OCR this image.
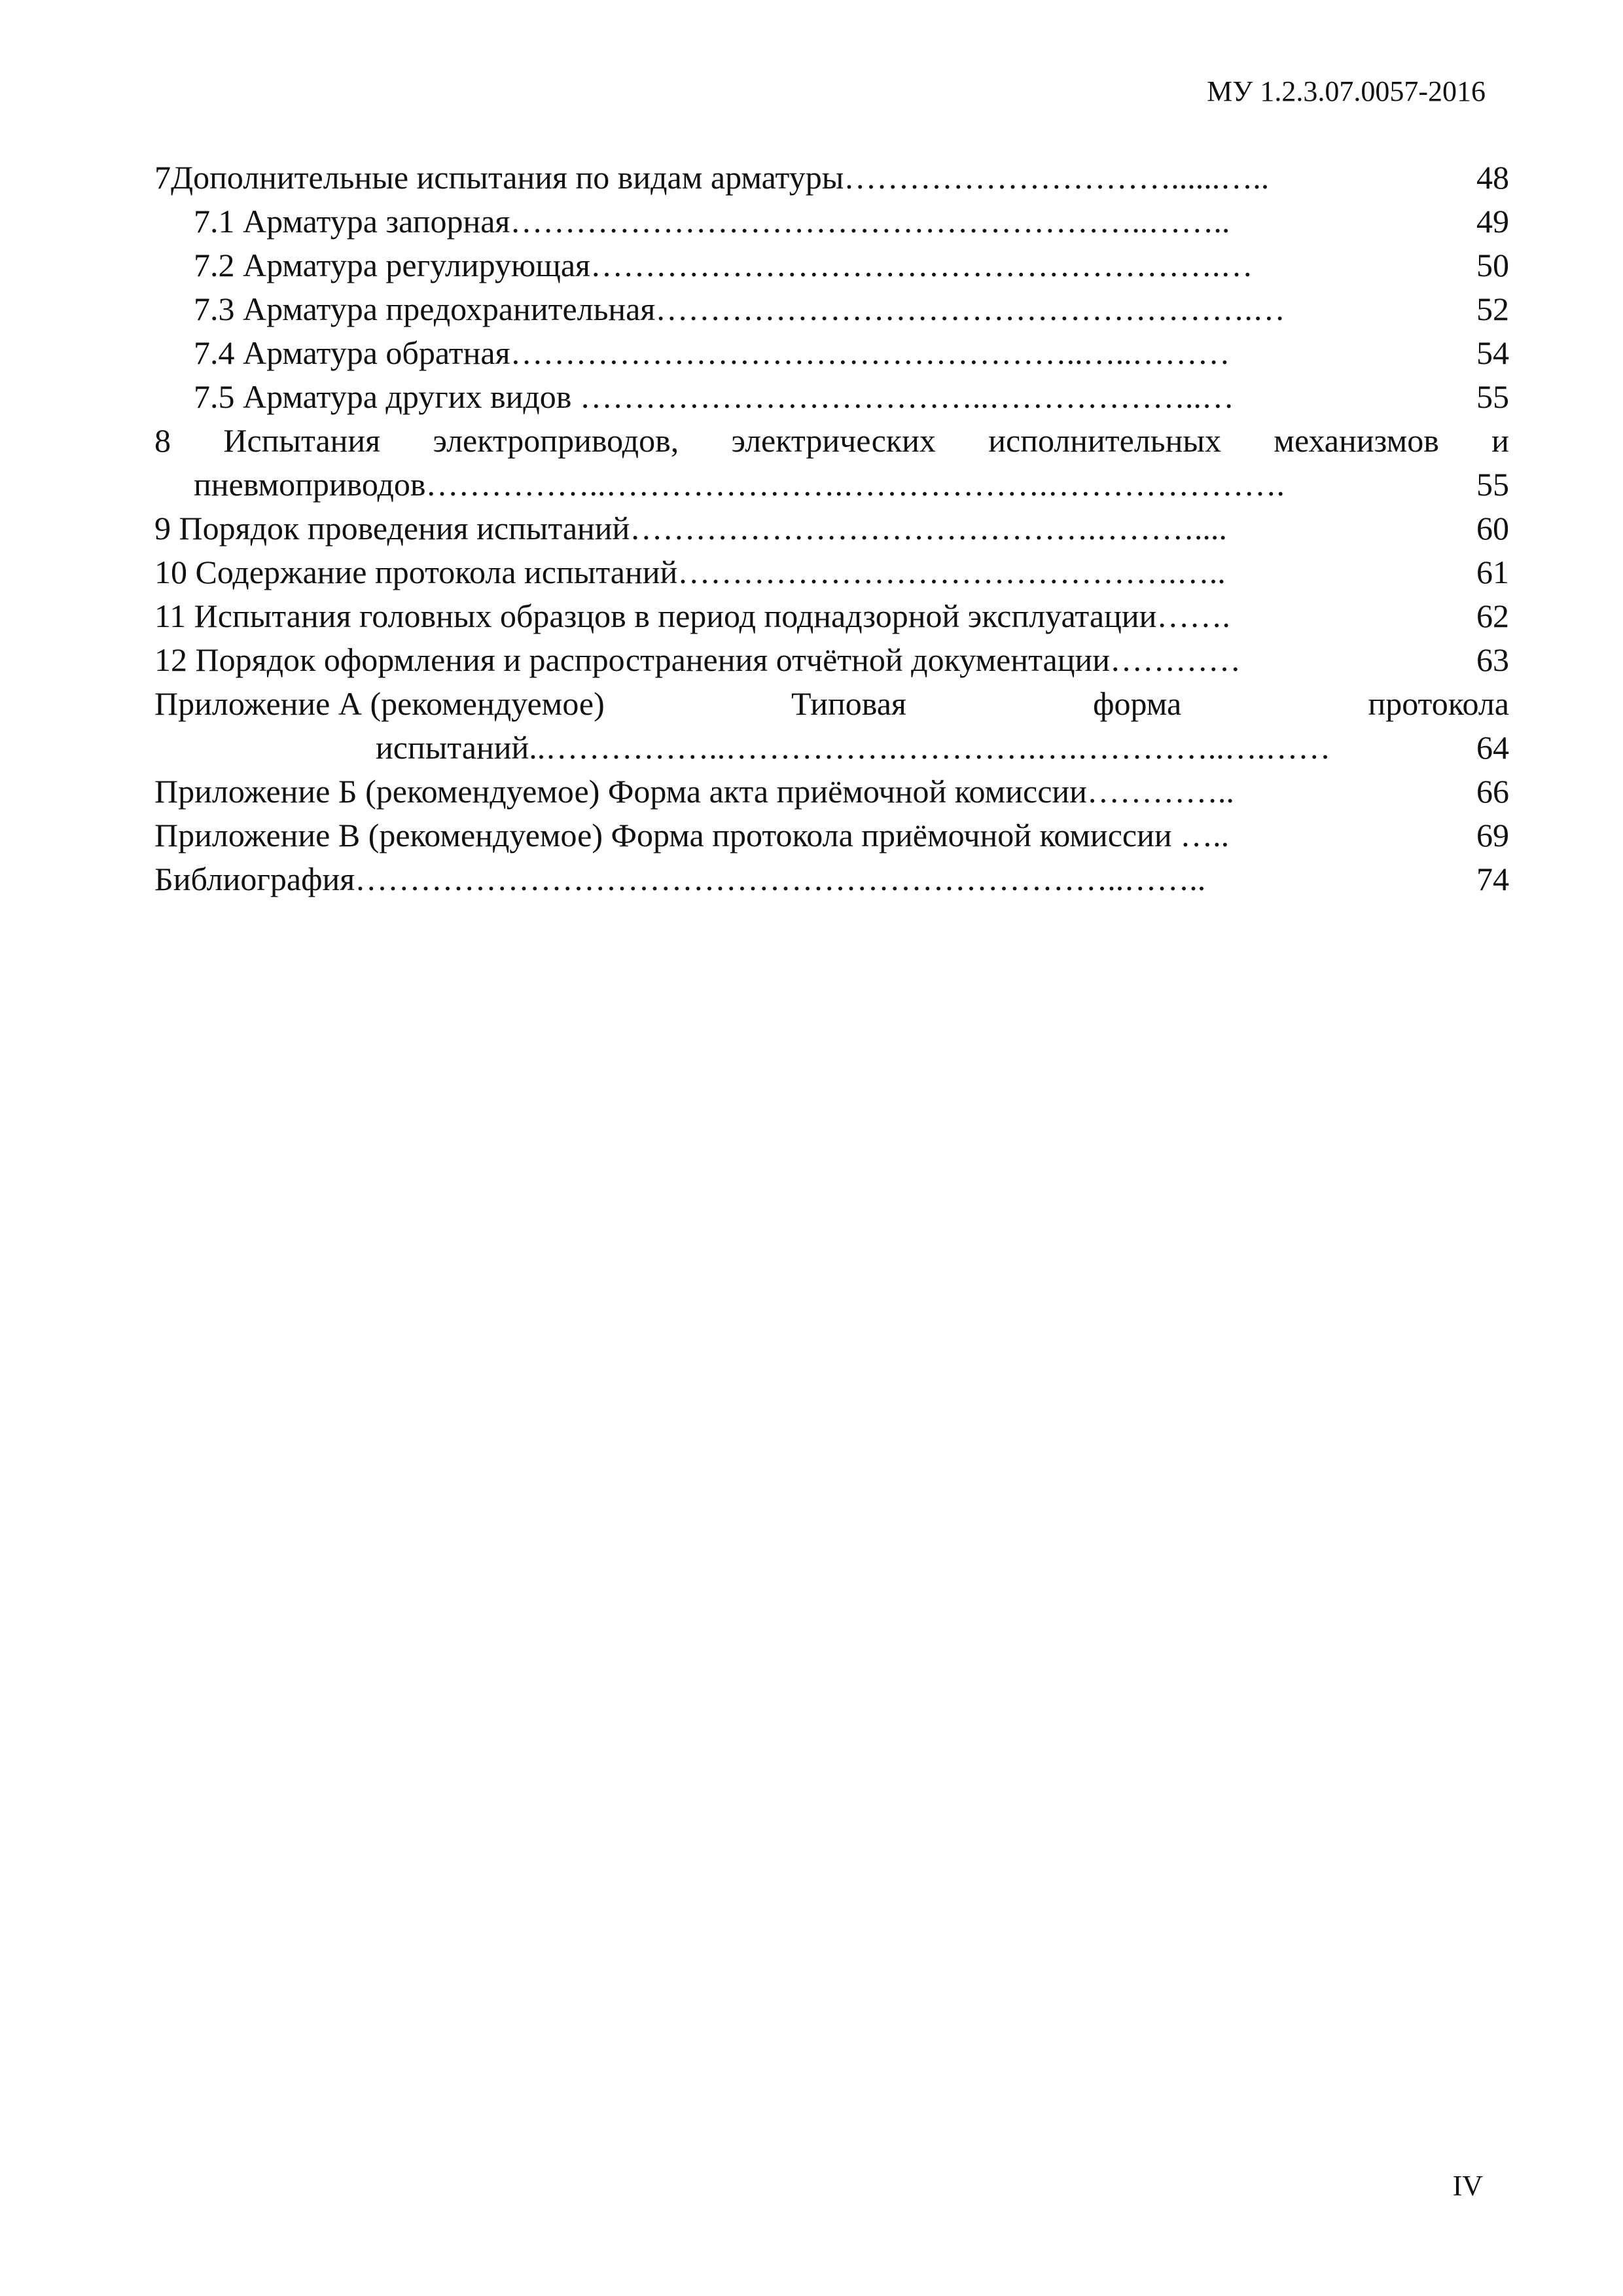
МУ 1.2.3.07.0057-2016
7Дополнительные испытания по видам арматуры…………………………......…..	48
7.1 Арматура запорная…………………………………………………..……..	49
7.2 Арматура регулирующая………………………………………………….…	50
7.3 Арматура предохранительная……………………………………………….…	52
7.4 Арматура обратная……………………………………………..…..………	54
7.5 Арматура других видов ………………………………..………………..…	55
8 Испытания электроприводов, электрических исполнительных механизмов и
пневмоприводов……………..………………….……………….………………….	55
9 Порядок проведения испытаний…………………………………….………....	60
10 Содержание протокола испытаний……………………………………….…..	61
11 Испытания головных образцов в период поднадзорной эксплуатации…….	62
12 Порядок оформления и распространения отчётной документации…………	63
Приложение А (рекомендуемое)	Типовая	форма	протокола
испытаний..……………..…………….………….….…………..….……	64
Приложение Б (рекомендуемое) Форма акта приёмочной комиссии…………..	66
Приложение В (рекомендуемое) Форма протокола приёмочной комиссии …..	69
Библиография……………………………………………………………..……..	74
IV
